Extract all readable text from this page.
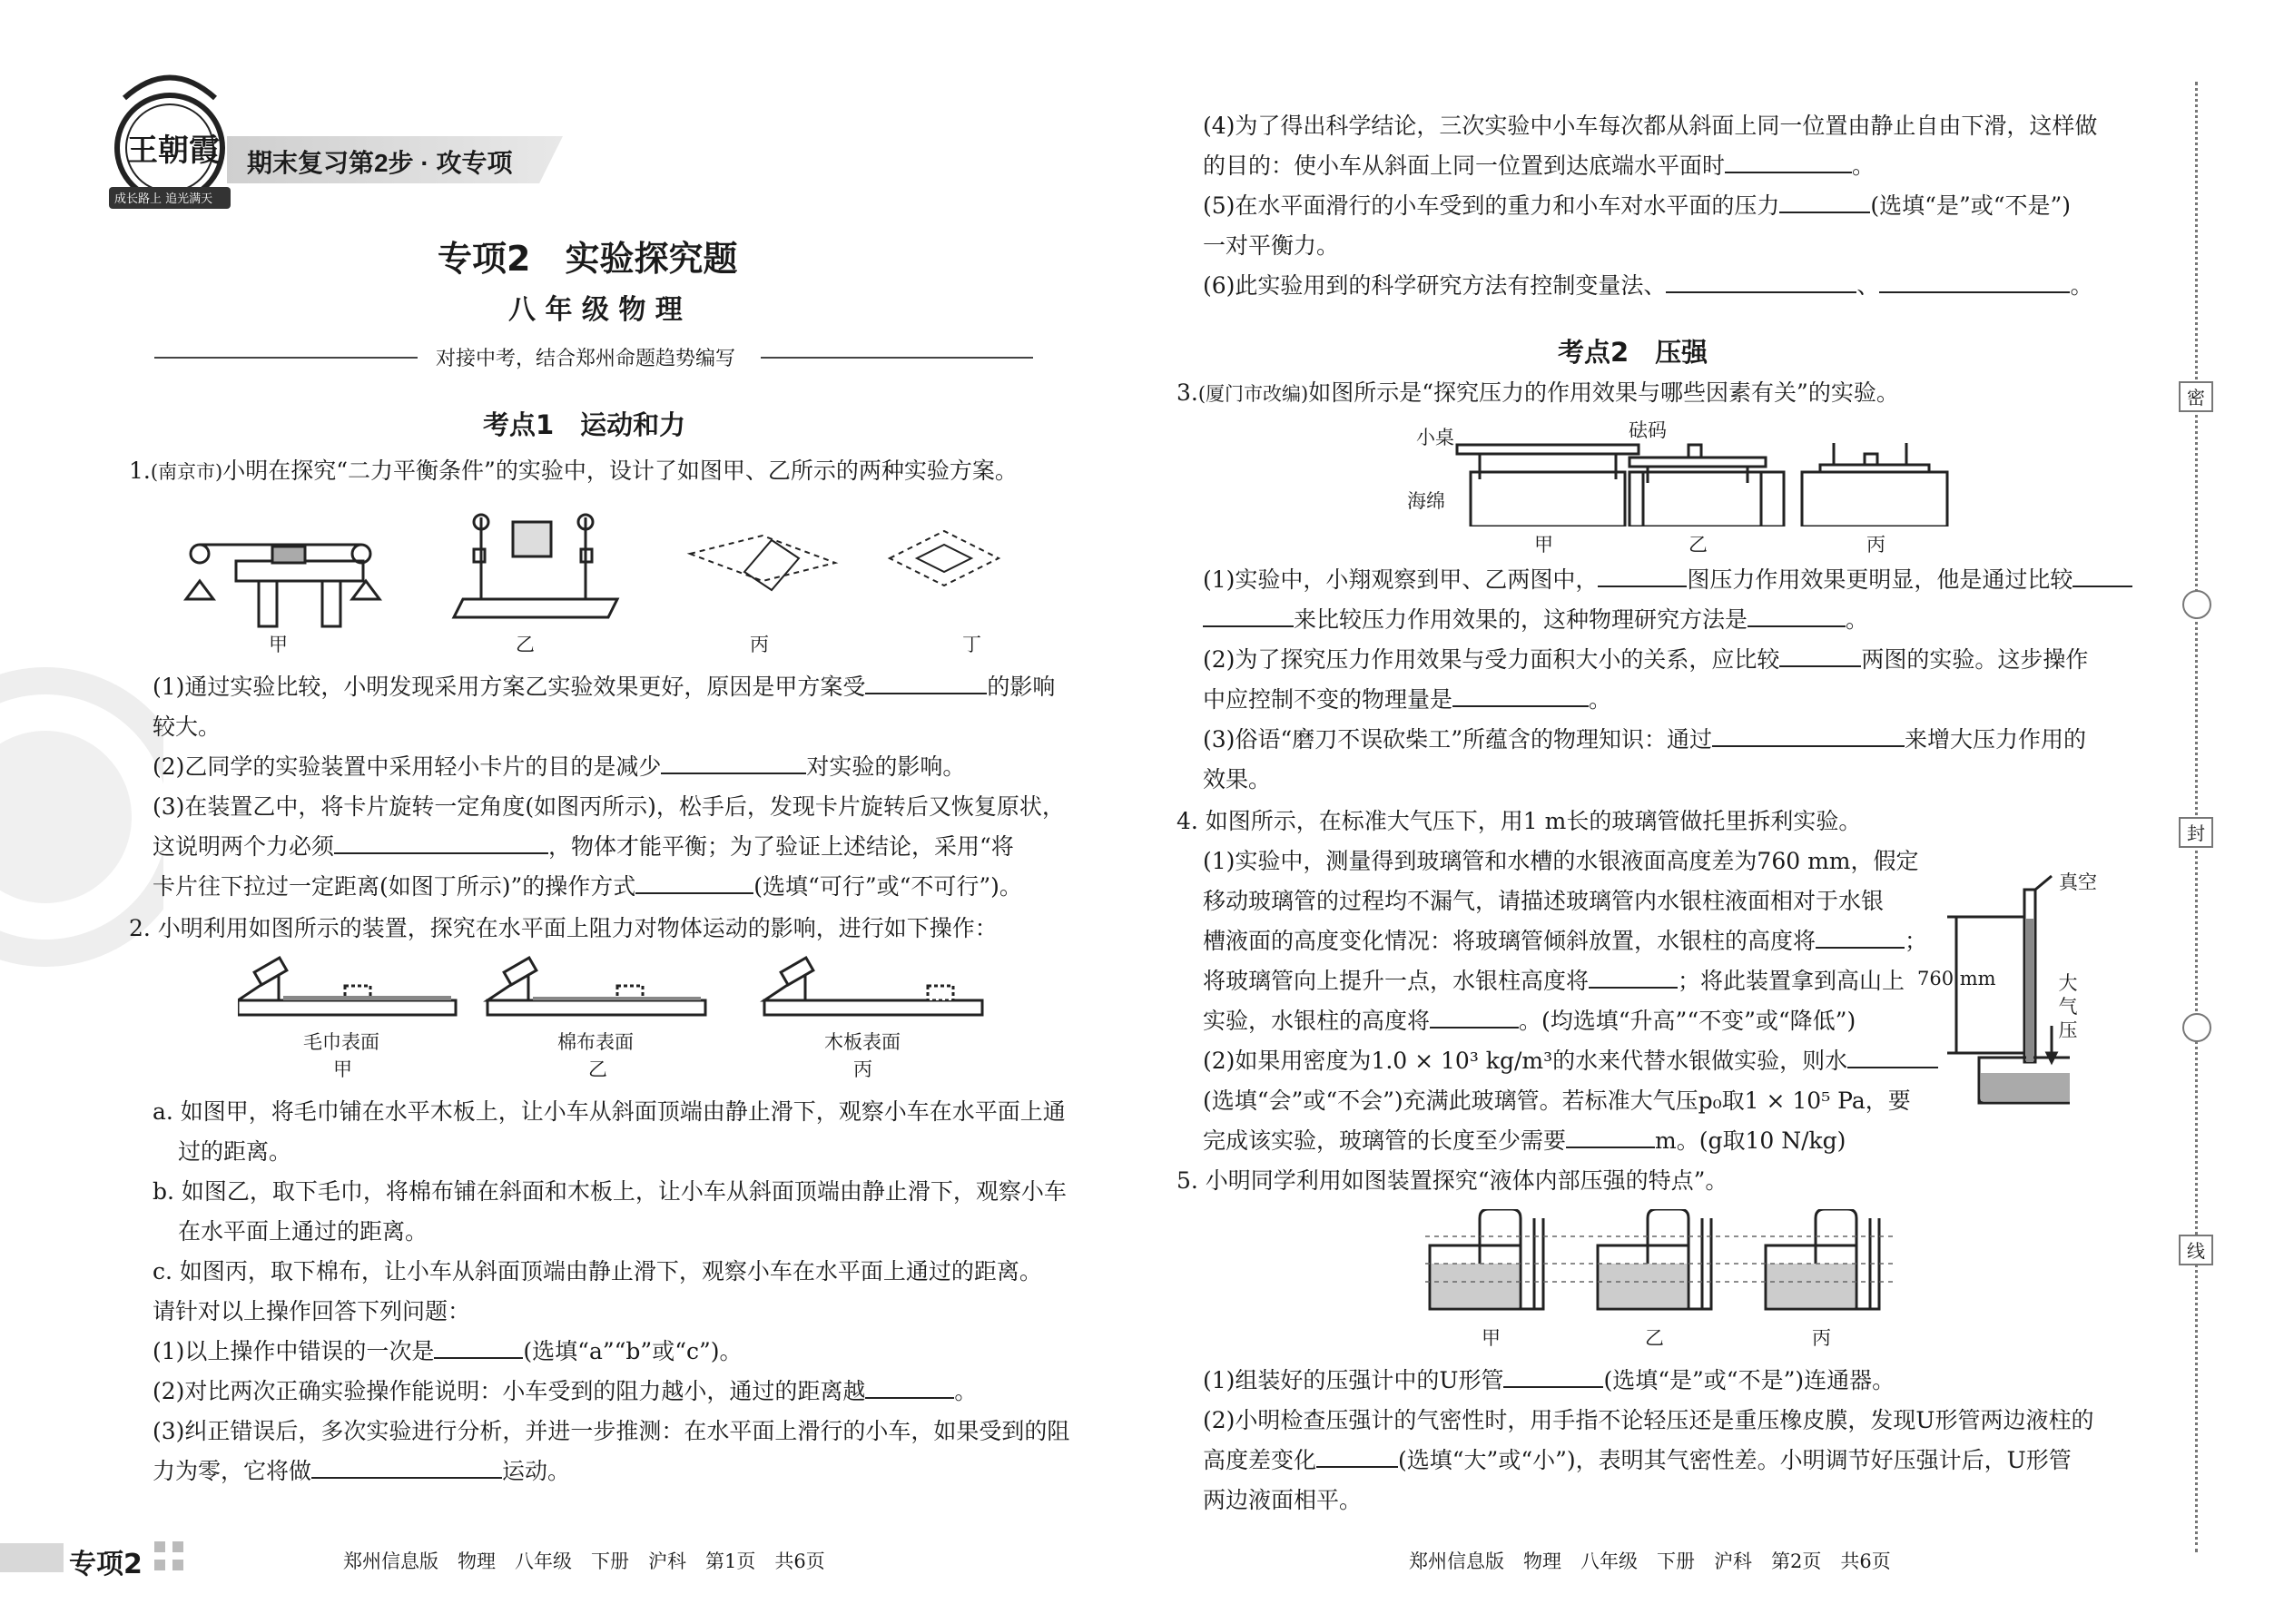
王朝霞
成长路上 追光满天
期末复习第2步 · 攻专项
专项2　实验探究题
八 年 级 物 理
对接中考，结合郑州命题趋势编写
考点1　运动和力
1.(南京市)小明在探究“二力平衡条件”的实验中，设计了如图甲、乙所示的两种实验方案。
甲	乙	丙	丁
(1)通过实验比较，小明发现采用方案乙实验效果更好，原因是甲方案受	的影响
较大。
(2)乙同学的实验装置中采用轻小卡片的目的是减少	对实验的影响。
(3)在装置乙中，将卡片旋转一定角度(如图丙所示)，松手后，发现卡片旋转后又恢复原状，
这说明两个力必须	，物体才能平衡；为了验证上述结论，采用“将
卡片往下拉过一定距离(如图丁所示)”的操作方式	(选填“可行”或“不可行”)。
2. 小明利用如图所示的装置，探究在水平面上阻力对物体运动的影响，进行如下操作：
毛巾表面	棉布表面	木板表面
甲	乙	丙
a. 如图甲，将毛巾铺在水平木板上，让小车从斜面顶端由静止滑下，观察小车在水平面上通
过的距离。
b. 如图乙，取下毛巾，将棉布铺在斜面和木板上，让小车从斜面顶端由静止滑下，观察小车
在水平面上通过的距离。
c. 如图丙，取下棉布，让小车从斜面顶端由静止滑下，观察小车在水平面上通过的距离。
请针对以上操作回答下列问题：
(1)以上操作中错误的一次是	(选填“a”“b”或“c”)。
(2)对比两次正确实验操作能说明：小车受到的阻力越小，通过的距离越	。
(3)纠正错误后，多次实验进行分析，并进一步推测：在水平面上滑行的小车，如果受到的阻
力为零，它将做	运动。
专项2	郑州信息版　物理　八年级　下册　沪科　第1页　共6页
(4)为了得出科学结论，三次实验中小车每次都从斜面上同一位置由静止自由下滑，这样做
的目的：使小车从斜面上同一位置到达底端水平面时	。
(5)在水平面滑行的小车受到的重力和小车对水平面的压力	(选填“是”或“不是”)
一对平衡力。
(6)此实验用到的科学研究方法有控制变量法、	、	。
考点2　压强
3.(厦门市改编)如图所示是“探究压力的作用效果与哪些因素有关”的实验。
小桌	砝码
海绵
甲	乙	丙
(1)实验中，小翔观察到甲、乙两图中，	图压力作用效果更明显，他是通过比较
来比较压力作用效果的，这种物理研究方法是	。
(2)为了探究压力作用效果与受力面积大小的关系，应比较	两图的实验。这步操作
中应控制不变的物理量是	。
(3)俗语“磨刀不误砍柴工”所蕴含的物理知识：通过	来增大压力作用的
效果。
4. 如图所示，在标准大气压下，用1 m长的玻璃管做托里拆利实验。
(1)实验中，测量得到玻璃管和水槽的水银液面高度差为760 mm，假定
移动玻璃管的过程均不漏气，请描述玻璃管内水银柱液面相对于水银
槽液面的高度变化情况：将玻璃管倾斜放置，水银柱的高度将	；
将玻璃管向上提升一点，水银柱高度将	；将此装置拿到高山上
实验，水银柱的高度将	。(均选填“升高”“不变”或“降低”)
(2)如果用密度为1.0 × 10³ kg/m³的水来代替水银做实验，则水
(选填“会”或“不会”)充满此玻璃管。若标准大气压p₀取1 × 10⁵ Pa，要
完成该实验，玻璃管的长度至少需要	m。(g取10 N/kg)
真空
760 mm	大气压
5. 小明同学利用如图装置探究“液体内部压强的特点”。
甲	乙	丙
(1)组装好的压强计中的U形管	(选填“是”或“不是”)连通器。
(2)小明检查压强计的气密性时，用手指不论轻压还是重压橡皮膜，发现U形管两边液柱的
高度差变化	(选填“大”或“小”)，表明其气密性差。小明调节好压强计后，U形管
两边液面相平。
郑州信息版　物理　八年级　下册　沪科　第2页　共6页
密
封
线
